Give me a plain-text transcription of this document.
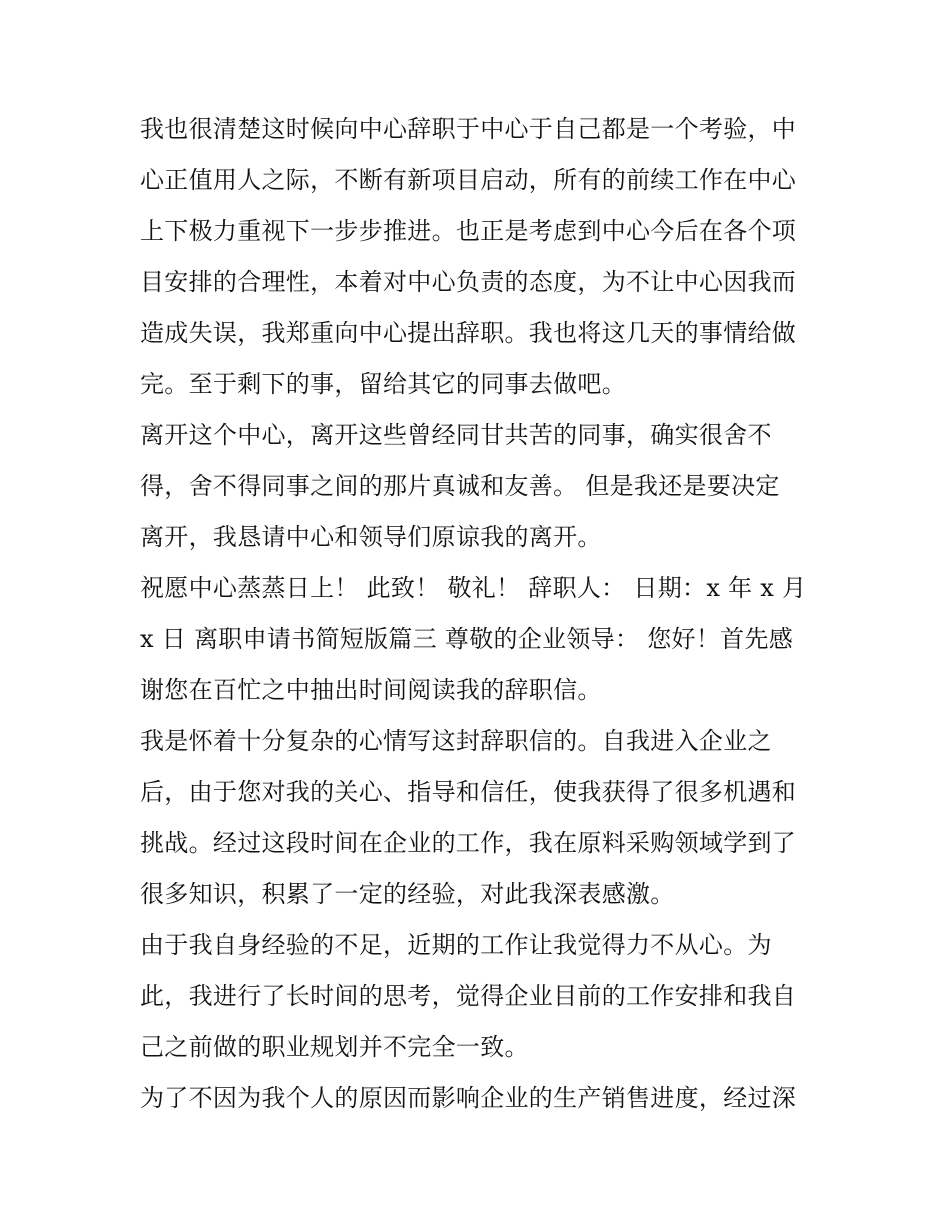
我也很清楚这时候向中心辞职于中心于自己都是一个考验，中
心正值用人之际，不断有新项目启动，所有的前续工作在中心
上下极力重视下一步步推进。也正是考虑到中心今后在各个项
目安排的合理性，本着对中心负责的态度，为不让中心因我而
造成失误，我郑重向中心提出辞职。我也将这几天的事情给做
完。至于剩下的事，留给其它的同事去做吧。
离开这个中心，离开这些曾经同甘共苦的同事，确实很舍不
得，舍不得同事之间的那片真诚和友善。 但是我还是要决定
离开，我恳请中心和领导们原谅我的离开。
祝愿中心蒸蒸日上！ 此致！ 敬礼！ 辞职人： 日期：x 年 x 月
x 日 离职申请书简短版篇三 尊敬的企业领导： 您好！首先感
谢您在百忙之中抽出时间阅读我的辞职信。
我是怀着十分复杂的心情写这封辞职信的。自我进入企业之
后，由于您对我的关心、指导和信任，使我获得了很多机遇和
挑战。经过这段时间在企业的工作，我在原料采购领域学到了
很多知识，积累了一定的经验，对此我深表感激。
由于我自身经验的不足，近期的工作让我觉得力不从心。为
此，我进行了长时间的思考，觉得企业目前的工作安排和我自
己之前做的职业规划并不完全一致。
为了不因为我个人的原因而影响企业的生产销售进度，经过深
